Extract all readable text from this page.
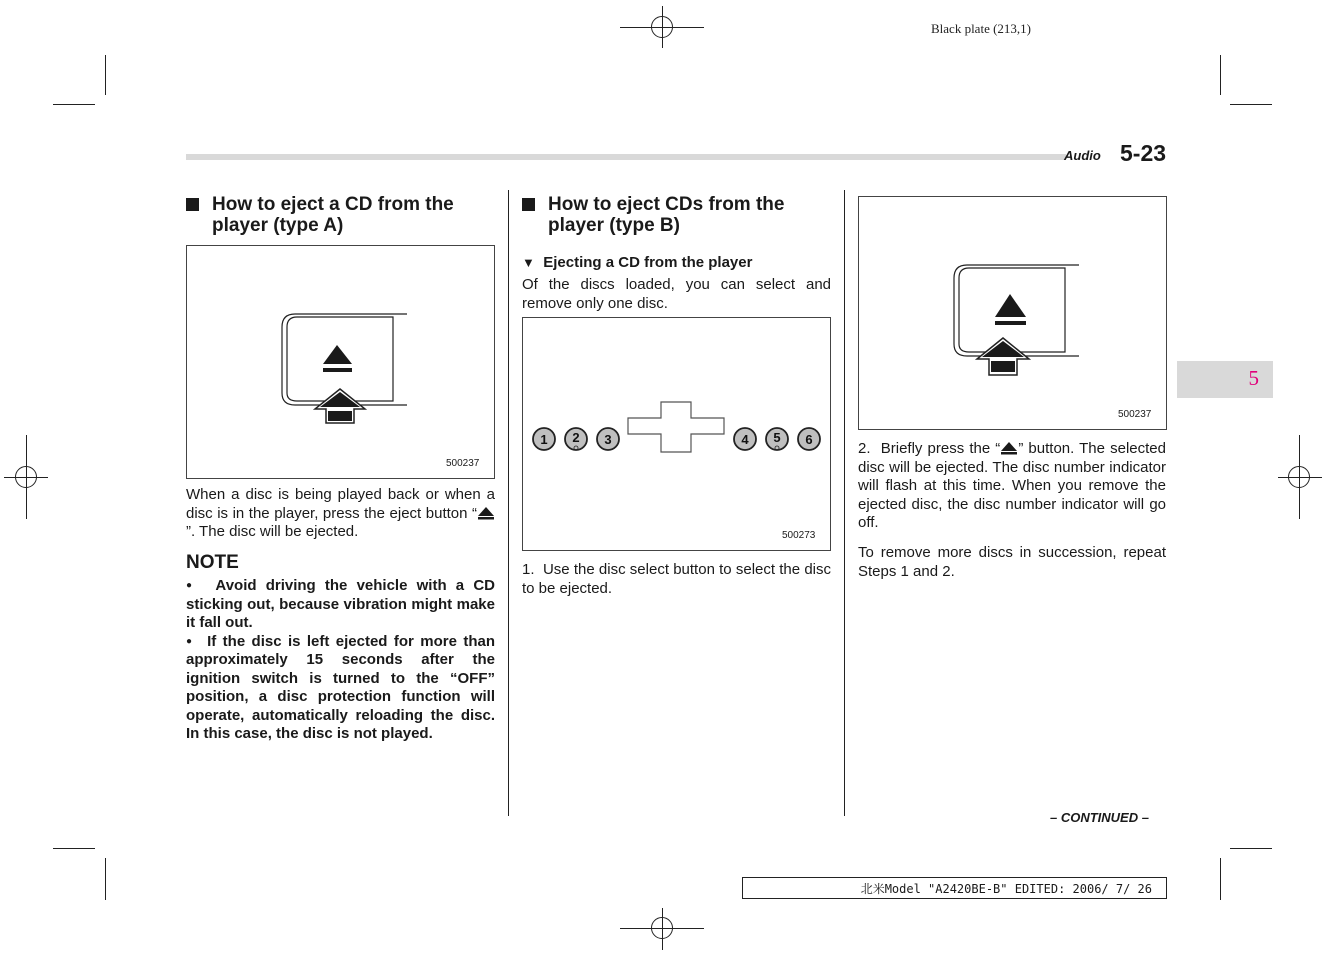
Black plate (213,1)
Audio 5-23
5
How to eject a CD from the player (type A)
500237
When a disc is being played back or when a disc is in the player, press the eject button “”. The disc will be ejected.
NOTE
● Avoid driving the vehicle with a CD sticking out, because vibration might make it fall out.
● If the disc is left ejected for more than approximately 15 seconds after the ignition switch is turned to the “OFF” position, a disc protection function will operate, automatically reloading the disc. In this case, the disc is not played.
How to eject CDs from the player (type B)
▼ Ejecting a CD from the player
Of the discs loaded, you can select and remove only one disc.
1 2 3	4 5 6
500273
1.  Use the disc select button to select the disc to be ejected.
500237
2.  Briefly press the “ ” button. The selected disc will be ejected. The disc number indicator will flash at this time. When you remove the ejected disc, the disc number indicator will go off.
To remove more discs in succession, repeat Steps 1 and 2.
– CONTINUED –
北米Model "A2420BE-B" EDITED: 2006/ 7/ 26
